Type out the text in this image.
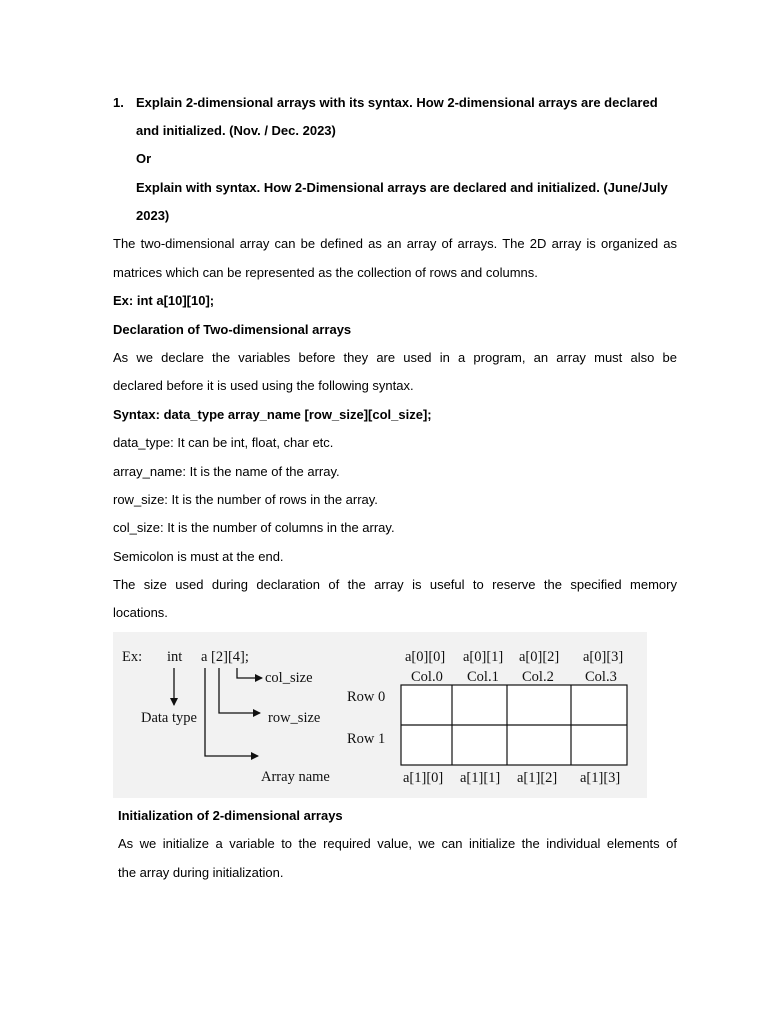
1. Explain 2-dimensional arrays with its syntax. How 2-dimensional arrays are declared
and initialized. (Nov. / Dec. 2023)
Or
Explain with syntax. How 2-Dimensional arrays are declared and initialized. (June/July
2023)
The two-dimensional array can be defined as an array of arrays. The 2D array is organized as
matrices which can be represented as the collection of rows and columns.
Ex: int a[10][10];
Declaration of Two-dimensional arrays
As we declare the variables before they are used in a program, an array must also be
declared before it is used using the following syntax.
Syntax: data_type array_name [row_size][col_size];
data_type: It can be int, float, char etc.
array_name: It is the name of the array.
row_size: It is the number of rows in the array.
col_size: It is the number of columns in the array.
Semicolon is must at the end.
The size used during declaration of the array is useful to reserve the specified memory
locations.
Ex: int a [2][4];
Data type
col_size
row_size
Array name
a[0][0] a[0][1] a[0][2] a[0][3]
Col.0 Col.1 Col.2 Col.3
Row 0
Row 1
a[1][0] a[1][1] a[1][2] a[1][3]
Initialization of 2-dimensional arrays
As we initialize a variable to the required value, we can initialize the individual elements of
the array during initialization.
